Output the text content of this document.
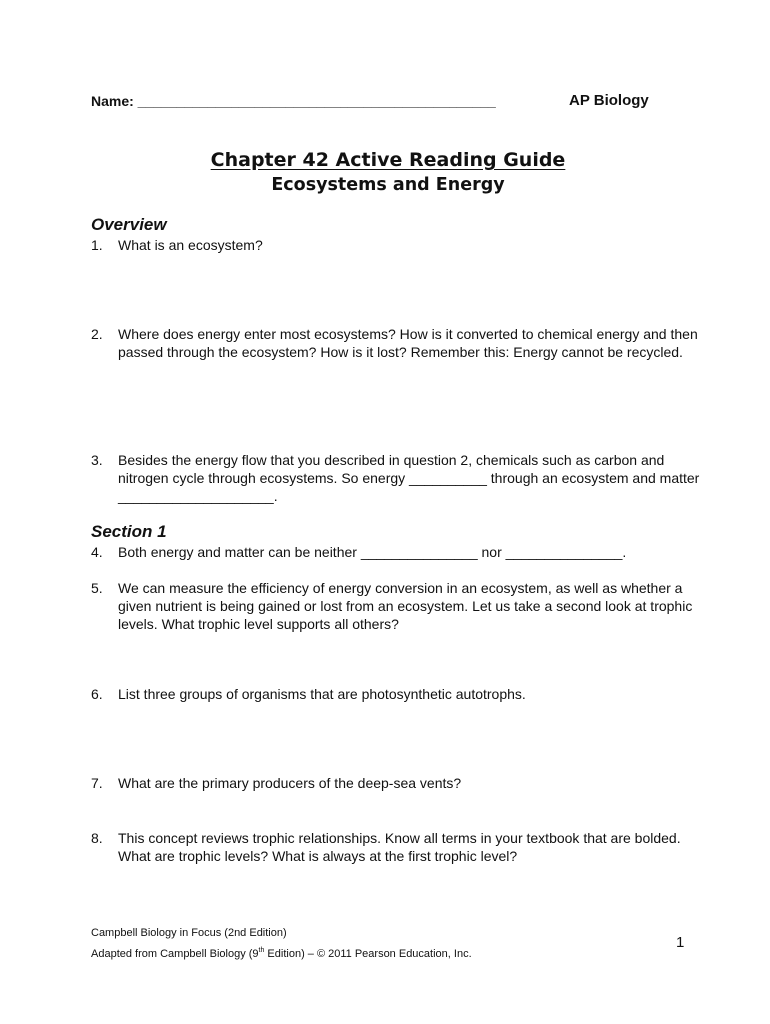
Name: ______________________________________________	AP Biology
Chapter 42 Active Reading Guide
Ecosystems and Energy
Overview
1.	What is an ecosystem?
2.	Where does energy enter most ecosystems? How is it converted to chemical energy and then passed through the ecosystem? How is it lost? Remember this: Energy cannot be recycled.
3.	Besides the energy flow that you described in question 2, chemicals such as carbon and nitrogen cycle through ecosystems. So energy __________ through an ecosystem and matter ____________________.
Section 1
4.	Both energy and matter can be neither _______________ nor _______________.
5.	We can measure the efficiency of energy conversion in an ecosystem, as well as whether a given nutrient is being gained or lost from an ecosystem. Let us take a second look at trophic levels. What trophic level supports all others?
6.	List three groups of organisms that are photosynthetic autotrophs.
7.	What are the primary producers of the deep-sea vents?
8.	This concept reviews trophic relationships. Know all terms in your textbook that are bolded. What are trophic levels? What is always at the first trophic level?
Campbell Biology in Focus (2nd Edition)
Adapted from Campbell Biology (9th Edition) – © 2011 Pearson Education, Inc.
1
